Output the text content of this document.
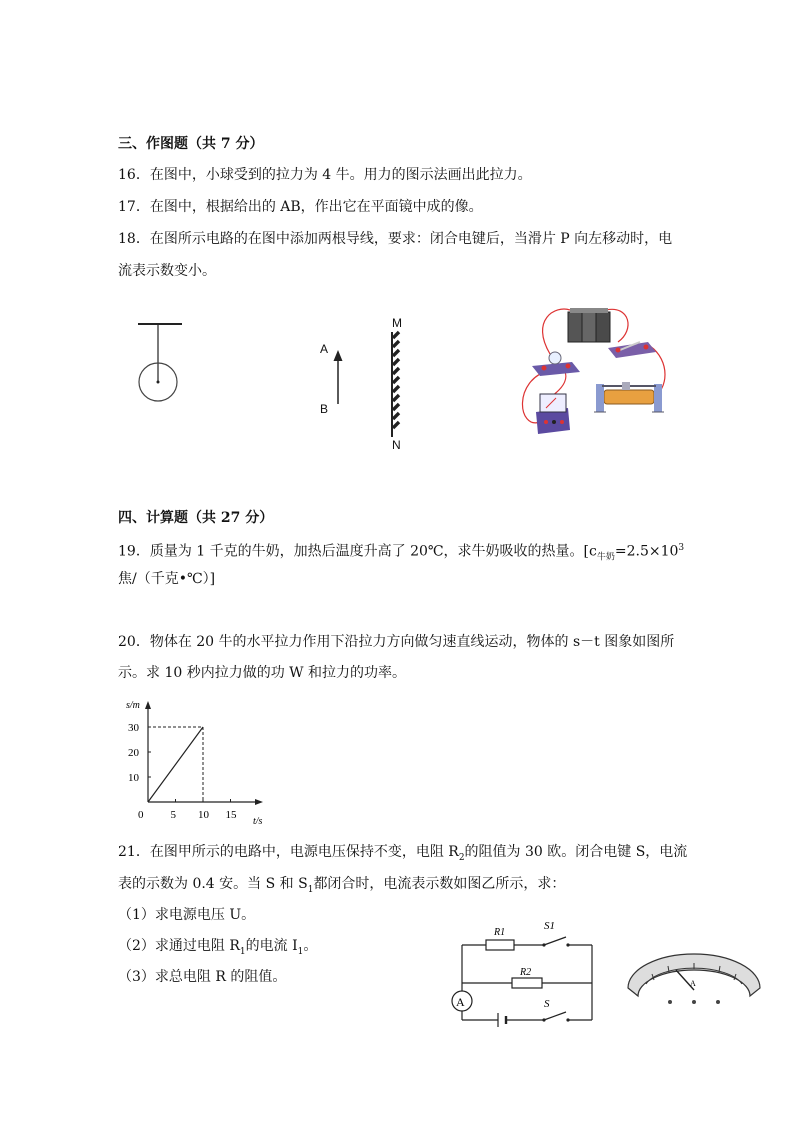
三、作图题（共 7 分）
16．在图中，小球受到的拉力为 4 牛。用力的图示法画出此拉力。
17．在图中，根据给出的 AB，作出它在平面镜中成的像。
18．在图所示电路的在图中添加两根导线，要求：闭合电键后，当滑片 P 向左移动时，电
流表示数变小。
A
B
M
N
四、计算题（共 27 分）
19．质量为 1 千克的牛奶，加热后温度升高了 20℃，求牛奶吸收的热量。[$c_{牛奶}=2.5\times 10^3$
焦/（千克•℃）]
20．物体在 20 牛的水平拉力作用下沿拉力方向做匀速直线运动，物体的 s－t 图象如图所
示。求 10 秒内拉力做的功 W 和拉力的功率。
0 5 10 15
10
20
30
s/m
t/s
21．在图甲所示的电路中，电源电压保持不变，电阻 $R_2$的阻值为 30 欧。闭合电键 S，电流
表的示数为 0.4 安。当 S 和 $S_1$都闭合时，电流表示数如图乙所示，求：
（1）求电源电压 U。
（2）求通过电阻 $R_1$的电流 $I_1$。
（3）求总电阻 R 的阻值。
A
R1
R2
S1
S
A
